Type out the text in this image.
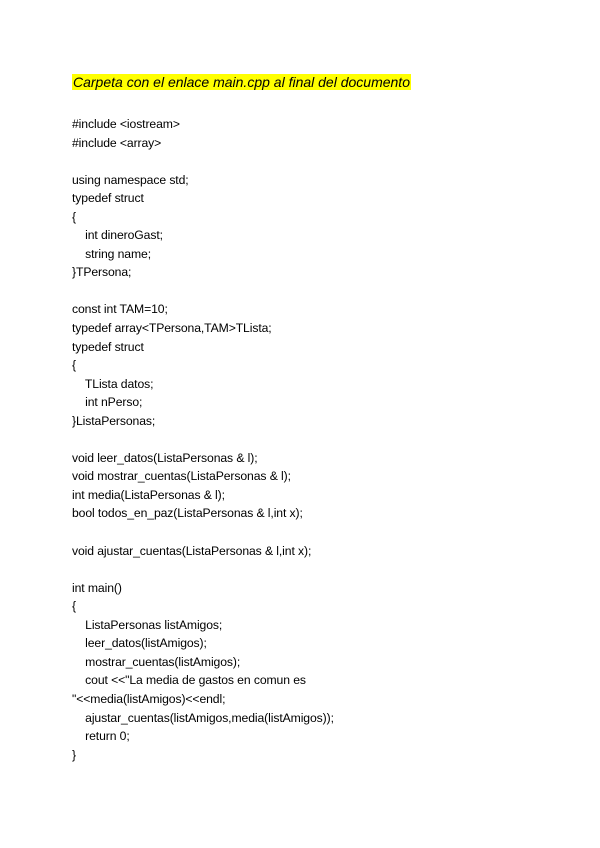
Carpeta con el enlace main.cpp al final del documento
#include <iostream>
#include <array>
using namespace std;
typedef struct
{
int dineroGast;
string name;
}TPersona;
const int TAM=10;
typedef array<TPersona,TAM>TLista;
typedef struct
{
TLista datos;
int nPerso;
}ListaPersonas;
void leer_datos(ListaPersonas & l);
void mostrar_cuentas(ListaPersonas & l);
int media(ListaPersonas & l);
bool todos_en_paz(ListaPersonas & l,int x);
void ajustar_cuentas(ListaPersonas & l,int x);
int main()
{
ListaPersonas listAmigos;
leer_datos(listAmigos);
mostrar_cuentas(listAmigos);
cout <<"La media de gastos en comun es
"<<media(listAmigos)<<endl;
ajustar_cuentas(listAmigos,media(listAmigos));
return 0;
}
